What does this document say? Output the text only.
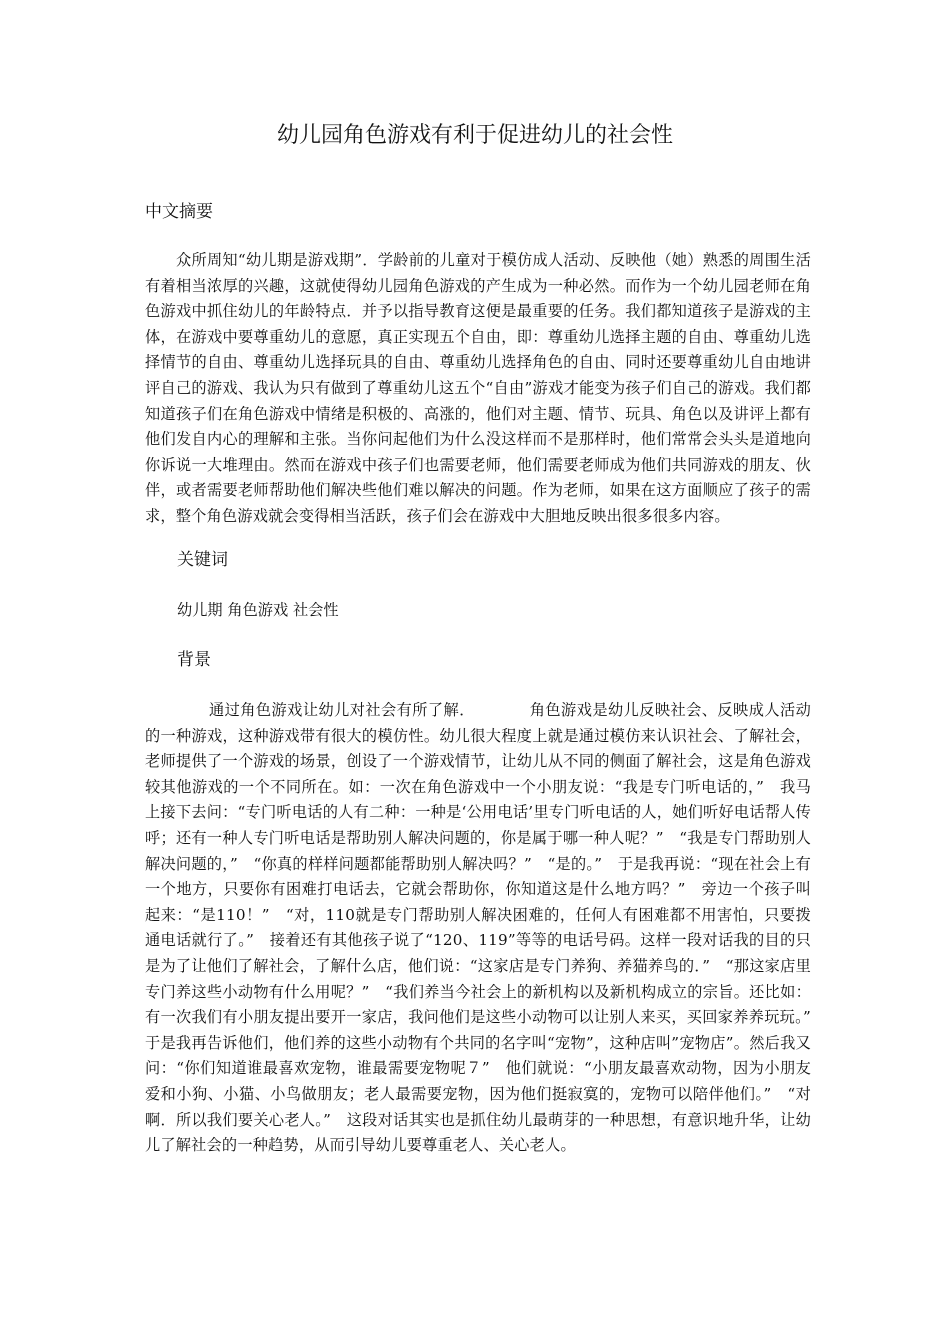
幼儿园角色游戏有利于促进幼儿的社会性
中文摘要

众所周知“幼儿期是游戏期”．学龄前的儿童对于模仿成人活动、反映他（她）熟悉的周围生活有着相当浓厚的兴趣，这就使得幼儿园角色游戏的产生成为一种必然。而作为一个幼儿园老师在角色游戏中抓住幼儿的年龄特点．并予以指导教育这便是最重要的任务。我们都知道孩子是游戏的主体，在游戏中要尊重幼儿的意愿，真正实现五个自由，即：尊重幼儿选择主题的自由、尊重幼儿选择情节的自由、尊重幼儿选择玩具的自由、尊重幼儿选择角色的自由、同时还要尊重幼儿自由地讲评自己的游戏、我认为只有做到了尊重幼儿这五个“自由”游戏才能变为孩子们自己的游戏。我们都知道孩子们在角色游戏中情绪是积极的、高涨的，他们对主题、情节、玩具、角色以及讲评上都有他们发自内心的理解和主张。当你问起他们为什么没这样而不是那样时，他们常常会头头是道地向你诉说一大堆理由。然而在游戏中孩子们也需要老师，他们需要老师成为他们共同游戏的朋友、伙伴，或者需要老师帮助他们解决些他们难以解决的问题。作为老师，如果在这方面顺应了孩子的需求，整个角色游戏就会变得相当活跃，孩子们会在游戏中大胆地反映出很多很多内容。

关键词
幼儿期 角色游戏 社会性
背景

通过角色游戏让幼儿对社会有所了解．　　　　角色游戏是幼儿反映社会、反映成人活动的一种游戏，这种游戏带有很大的模仿性。幼儿很大程度上就是通过模仿来认识社会、了解社会，老师提供了一个游戏的场景，创设了一个游戏情节，让幼儿从不同的侧面了解社会，这是角色游戏较其他游戏的一个不同所在。如：一次在角色游戏中一个小朋友说：“我是专门听电话的，”　我马上接下去问：“专门听电话的人有二种：一种是‘公用电话’里专门听电话的人，她们听好电话帮人传呼；还有一种人专门听电话是帮助别人解决问题的，你是属于哪一种人呢？”　“我是专门帮助别人解决问题的，”　“你真的样样问题都能帮助别人解决吗？”　“是的。”　于是我再说：“现在社会上有一个地方，只要你有困难打电话去，它就会帮助你，你知道这是什么地方吗？”　旁边一个孩子叫起来：“是110！”　“对，110就是专门帮助别人解决困难的，任何人有困难都不用害怕，只要拨通电话就行了。”　接着还有其他孩子说了“120、119”等等的电话号码。这样一段对话我的目的只是为了让他们了解社会，了解什么店，他们说：“这家店是专门养狗、养猫养鸟的．”　“那这家店里专门养这些小动物有什么用呢？”　“我们养当今社会上的新机构以及新机构成立的宗旨。还比如：有一次我们有小朋友提出要开一家店，我问他们是这些小动物可以让别人来买，买回家养养玩玩。”　于是我再告诉他们，他们养的这些小动物有个共同的名字叫“宠物”，这种店叫”宠物店”。然后我又问：“你们知道谁最喜欢宠物，谁最需要宠物呢７”　他们就说：“小朋友最喜欢动物，因为小朋友爱和小狗、小猫、小鸟做朋友；老人最需要宠物，因为他们挺寂寞的，宠物可以陪伴他们。”　“对啊．所以我们要关心老人。”　这段对话其实也是抓住幼儿最萌芽的一种思想，有意识地升华，让幼儿了解社会的一种趋势，从而引导幼儿要尊重老人、关心老人。
